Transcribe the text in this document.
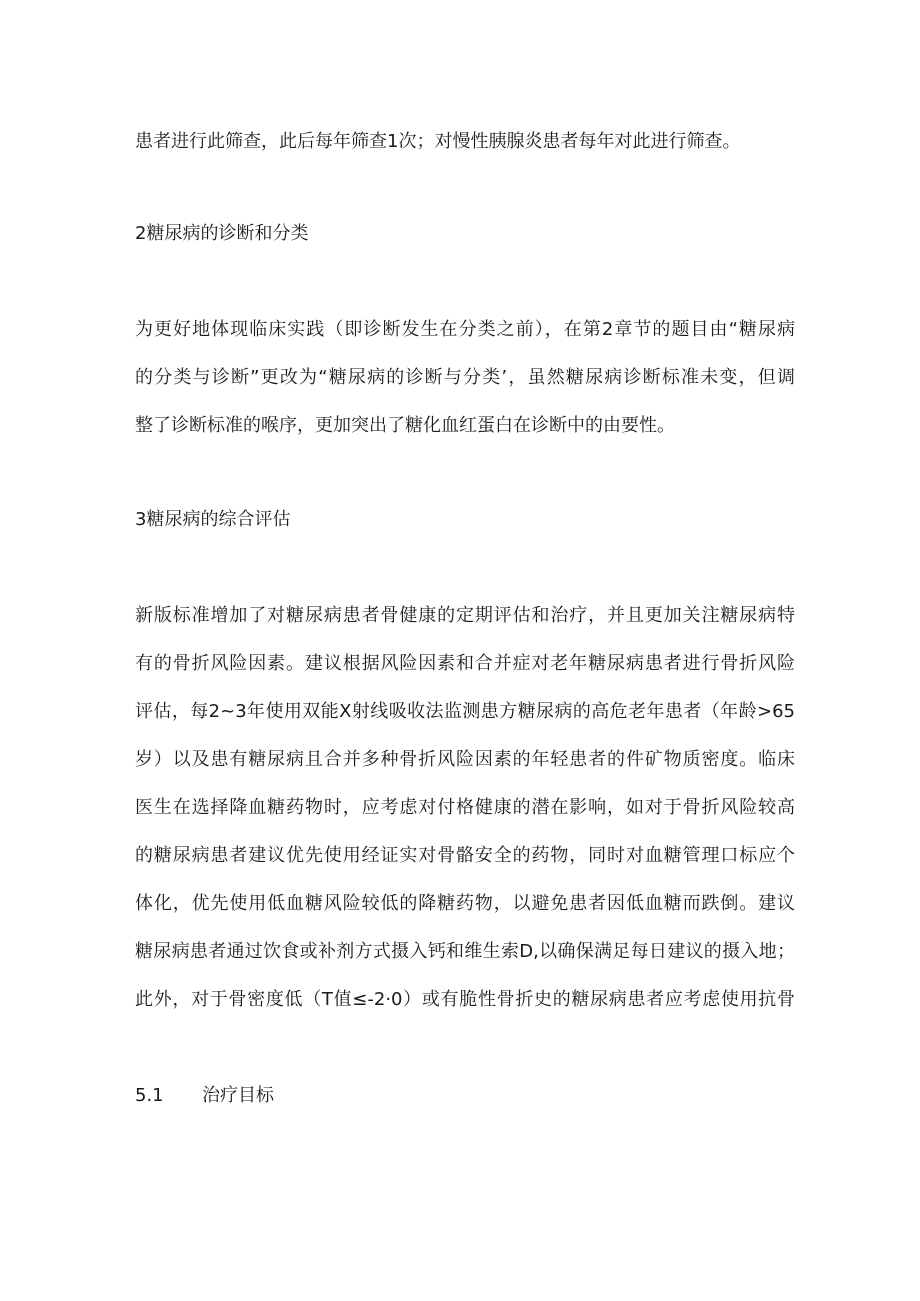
患者进行此筛查，此后每年筛查1次；对慢性胰腺炎患者每年对此进行筛查。
2糖尿病的诊断和分类
为更好地体现临床实践（即诊断发生在分类之前），在第2章节的题目由“糖尿病
的分类与诊断”更改为“糖尿病的诊断与分类’，虽然糖尿病诊断标准未变，但调
整了诊断标准的喉序，更加突出了糖化血红蛋白在诊断中的由要性。
3糖尿病的综合评估
新版标准增加了对糖尿病患者骨健康的定期评估和治疗，并且更加关注糖尿病特
有的骨折风险因素。建议根据风险因素和合并症对老年糖尿病患者进行骨折风险
评估，每2~3年使用双能X射线吸收法监测患方糖尿病的高危老年患者（年龄>65
岁）以及患有糖尿病且合并多种骨折风险因素的年轻患者的件矿物质密度。临床
医生在选择降血糖药物时，应考虑对付格健康的潜在影响，如对于骨折风险较高
的糖尿病患者建议优先使用经证实对骨骼安全的药物，同时对血糖管理口标应个
体化，优先使用低血糖风险较低的降糖药物，以避免患者因低血糖而跌倒。建议
糖尿病患者通过饮食或补剂方式摄入钙和维生索D,以确保满足每日建议的摄入地；
此外，对于骨密度低（T值≤-2·0）或有脆性骨折史的糖尿病患者应考虑使用抗骨
5.1 治疗目标
